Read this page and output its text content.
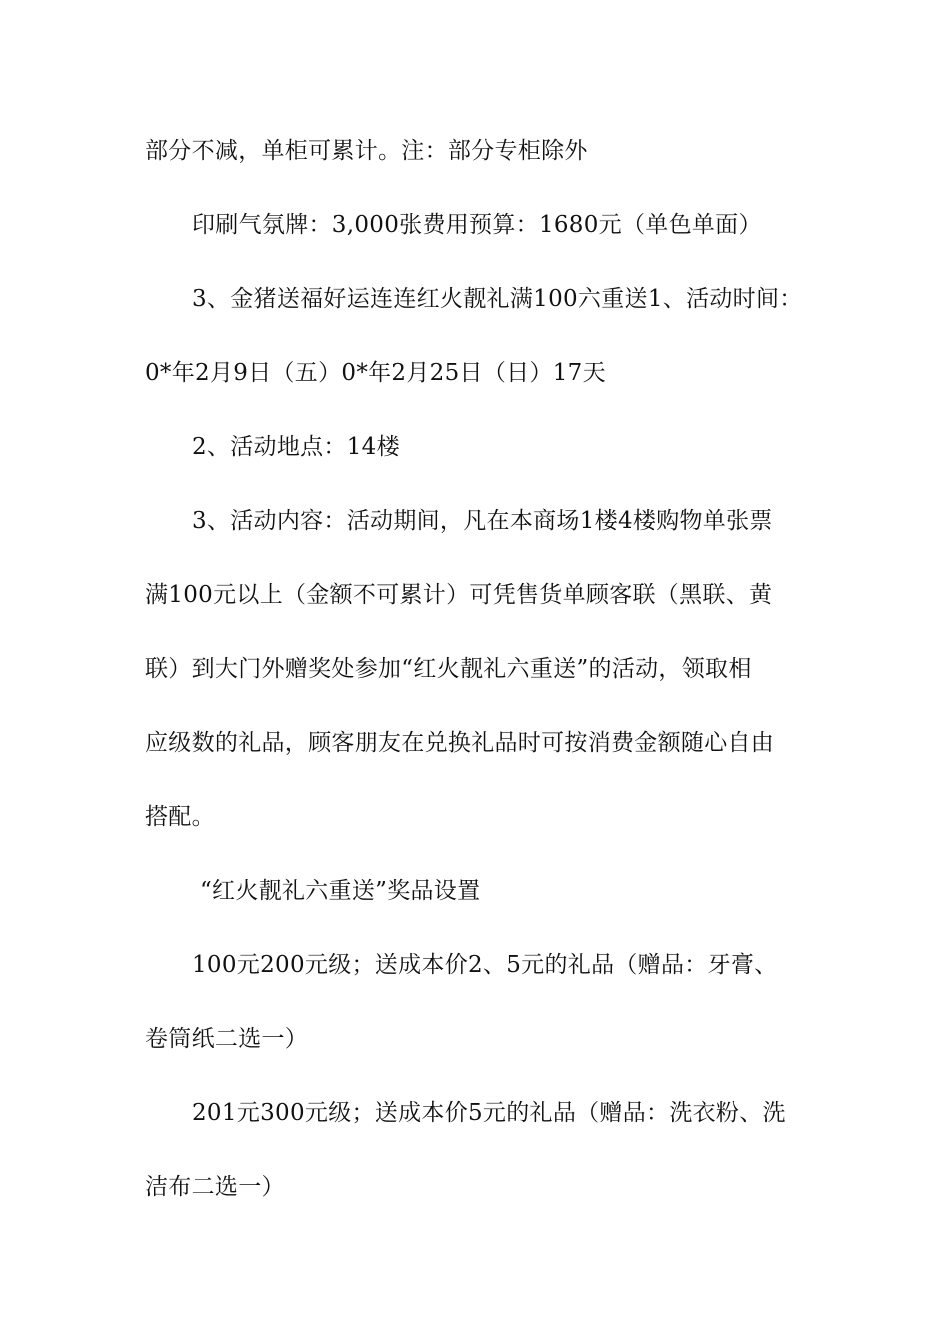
部分不减，单柜可累计。注：部分专柜除外
印刷气氛牌：3,000张费用预算：1680元（单色单面）
3、金猪送福好运连连红火靓礼满100六重送1、活动时间：
0*年2月9日（五）0*年2月25日（日）17天
2、活动地点：14楼
3、活动内容：活动期间，凡在本商场1楼4楼购物单张票
满100元以上（金额不可累计）可凭售货单顾客联（黑联、黄
联）到大门外赠奖处参加“红火靓礼六重送”的活动，领取相
应级数的礼品，顾客朋友在兑换礼品时可按消费金额随心自由
搭配。
“红火靓礼六重送”奖品设置
100元200元级；送成本价2、5元的礼品（赠品：牙膏、
卷筒纸二选一）
201元300元级；送成本价5元的礼品（赠品：洗衣粉、洗
洁布二选一）
